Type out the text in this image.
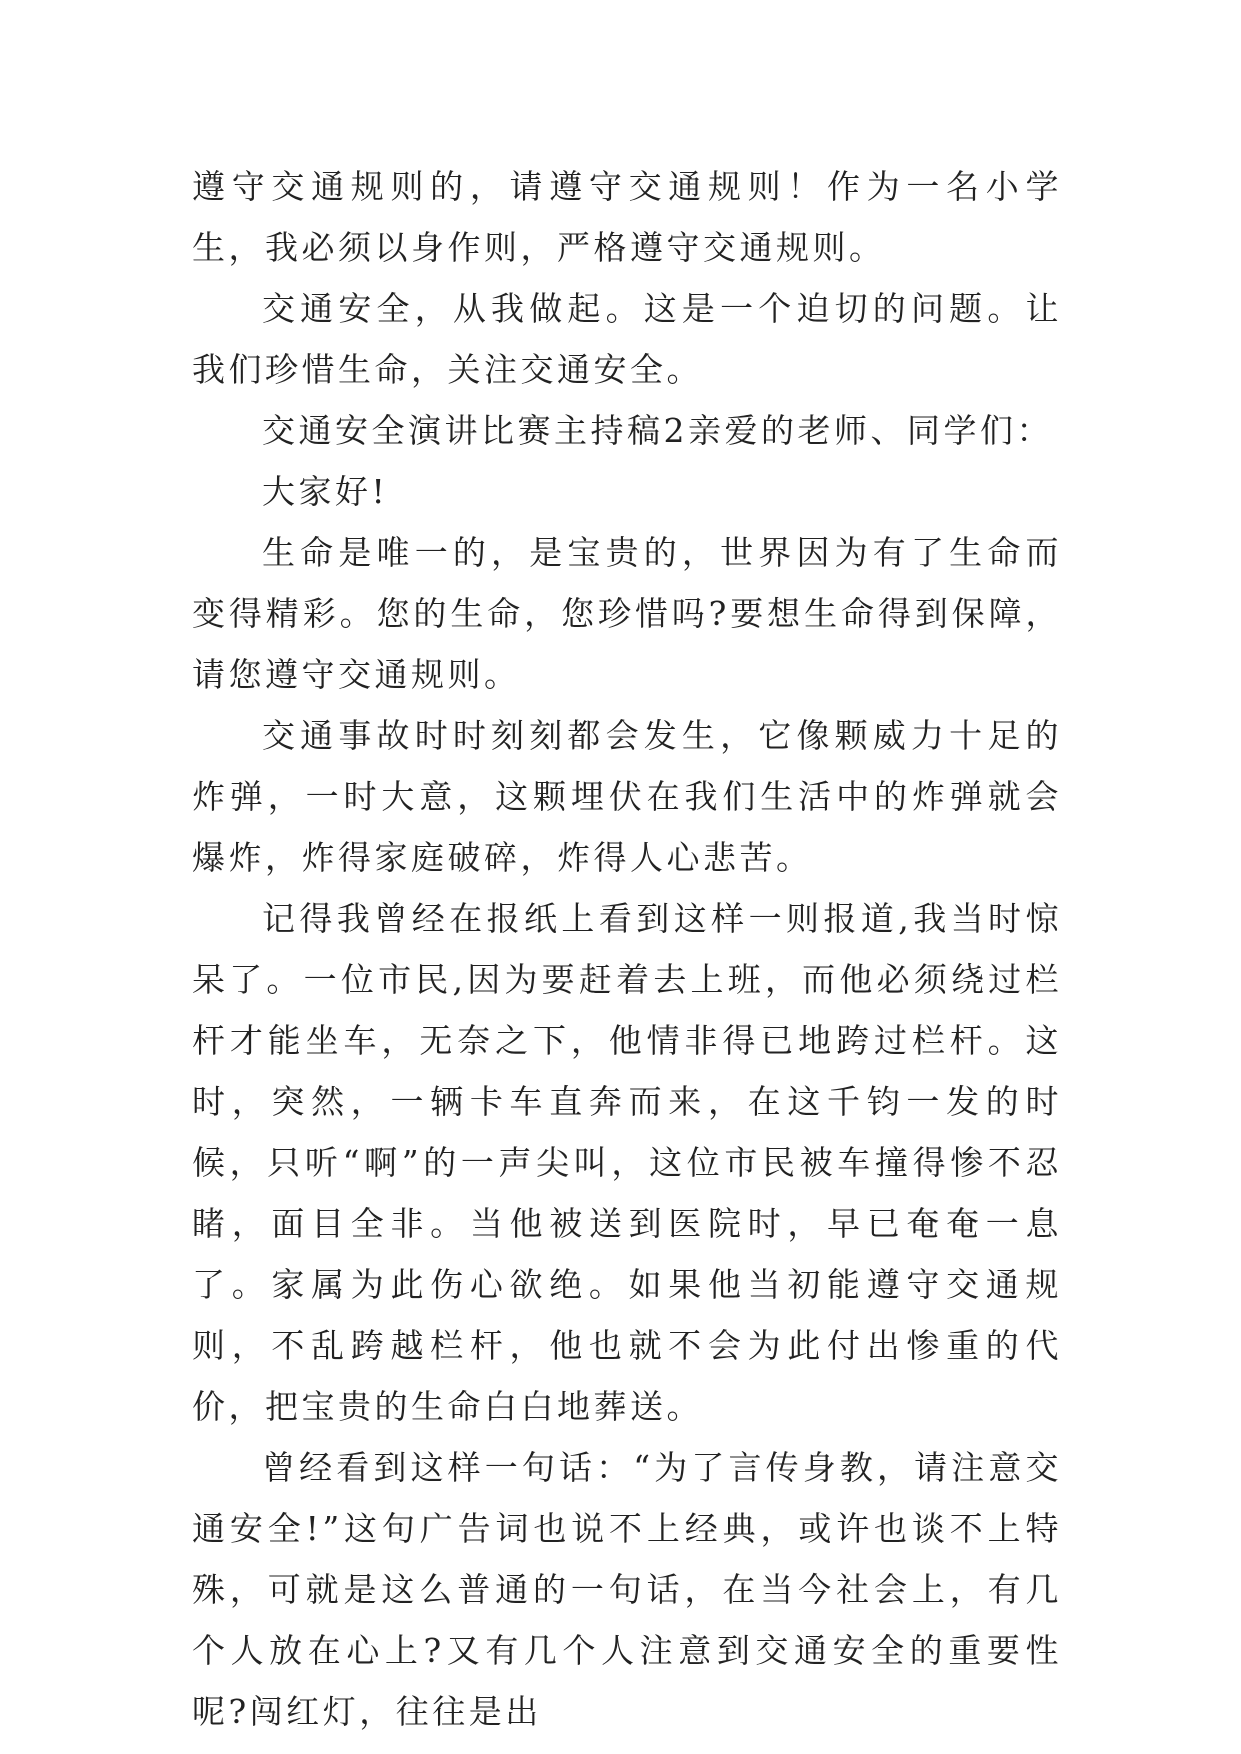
遵守交通规则的，请遵守交通规则！作为一名小学生，我必须以身作则，严格遵守交通规则。

交通安全，从我做起。这是一个迫切的问题。让我们珍惜生命，关注交通安全。

交通安全演讲比赛主持稿2亲爱的老师、同学们：

大家好!

生命是唯一的，是宝贵的，世界因为有了生命而变得精彩。您的生命，您珍惜吗?要想生命得到保障，请您遵守交通规则。

交通事故时时刻刻都会发生，它像颗威力十足的炸弹，一时大意，这颗埋伏在我们生活中的炸弹就会爆炸，炸得家庭破碎，炸得人心悲苦。

记得我曾经在报纸上看到这样一则报道,我当时惊呆了。一位市民,因为要赶着去上班，而他必须绕过栏杆才能坐车，无奈之下，他情非得已地跨过栏杆。这时，突然，一辆卡车直奔而来，在这千钧一发的时候，只听“啊”的一声尖叫，这位市民被车撞得惨不忍睹，面目全非。当他被送到医院时，早已奄奄一息了。家属为此伤心欲绝。如果他当初能遵守交通规则，不乱跨越栏杆，他也就不会为此付出惨重的代价，把宝贵的生命白白地葬送。

曾经看到这样一句话：“为了言传身教，请注意交通安全!”这句广告词也说不上经典，或许也谈不上特殊，可就是这么普通的一句话，在当今社会上，有几个人放在心上?又有几个人注意到交通安全的重要性呢?闯红灯，往往是出
